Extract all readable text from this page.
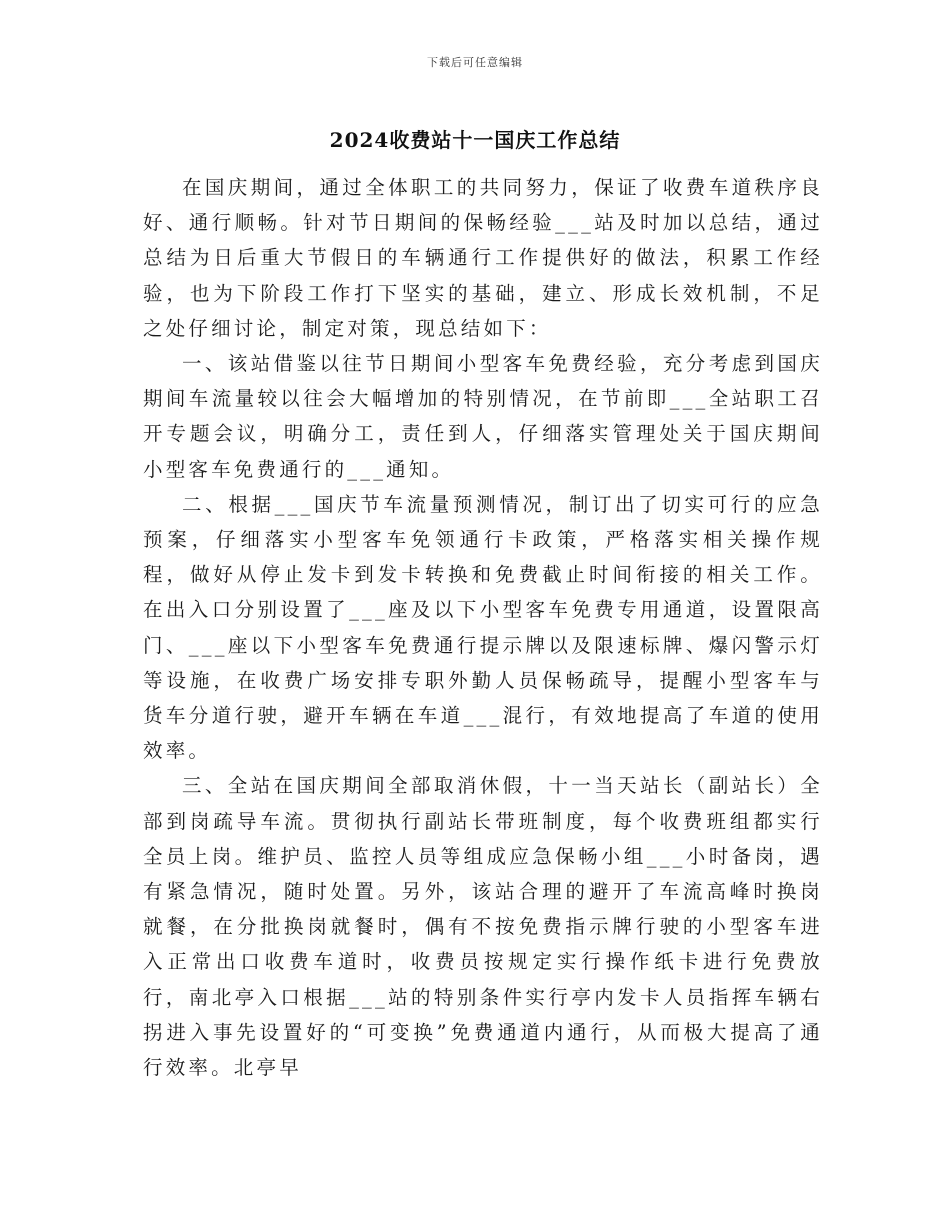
下载后可任意编辑
2024收费站十一国庆工作总结

在国庆期间，通过全体职工的共同努力，保证了收费车道秩序良好、通行顺畅。针对节日期间的保畅经验___站及时加以总结，通过总结为日后重大节假日的车辆通行工作提供好的做法，积累工作经验，也为下阶段工作打下坚实的基础，建立、形成长效机制，不足之处仔细讨论，制定对策，现总结如下：

一、该站借鉴以往节日期间小型客车免费经验，充分考虑到国庆期间车流量较以往会大幅增加的特别情况，在节前即___全站职工召开专题会议，明确分工，责任到人，仔细落实管理处关于国庆期间小型客车免费通行的___通知。

二、根据___国庆节车流量预测情况，制订出了切实可行的应急预案，仔细落实小型客车免领通行卡政策，严格落实相关操作规程，做好从停止发卡到发卡转换和免费截止时间衔接的相关工作。在出入口分别设置了___座及以下小型客车免费专用通道，设置限高门、___座以下小型客车免费通行提示牌以及限速标牌、爆闪警示灯等设施，在收费广场安排专职外勤人员保畅疏导，提醒小型客车与货车分道行驶，避开车辆在车道___混行，有效地提高了车道的使用效率。

三、全站在国庆期间全部取消休假，十一当天站长（副站长）全部到岗疏导车流。贯彻执行副站长带班制度，每个收费班组都实行全员上岗。维护员、监控人员等组成应急保畅小组___小时备岗，遇有紧急情况，随时处置。另外，该站合理的避开了车流高峰时换岗就餐，在分批换岗就餐时，偶有不按免费指示牌行驶的小型客车进入正常出口收费车道时，收费员按规定实行操作纸卡进行免费放行，南北亭入口根据___站的特别条件实行亭内发卡人员指挥车辆右拐进入事先设置好的“可变换”免费通道内通行，从而极大提高了通行效率。北亭早
